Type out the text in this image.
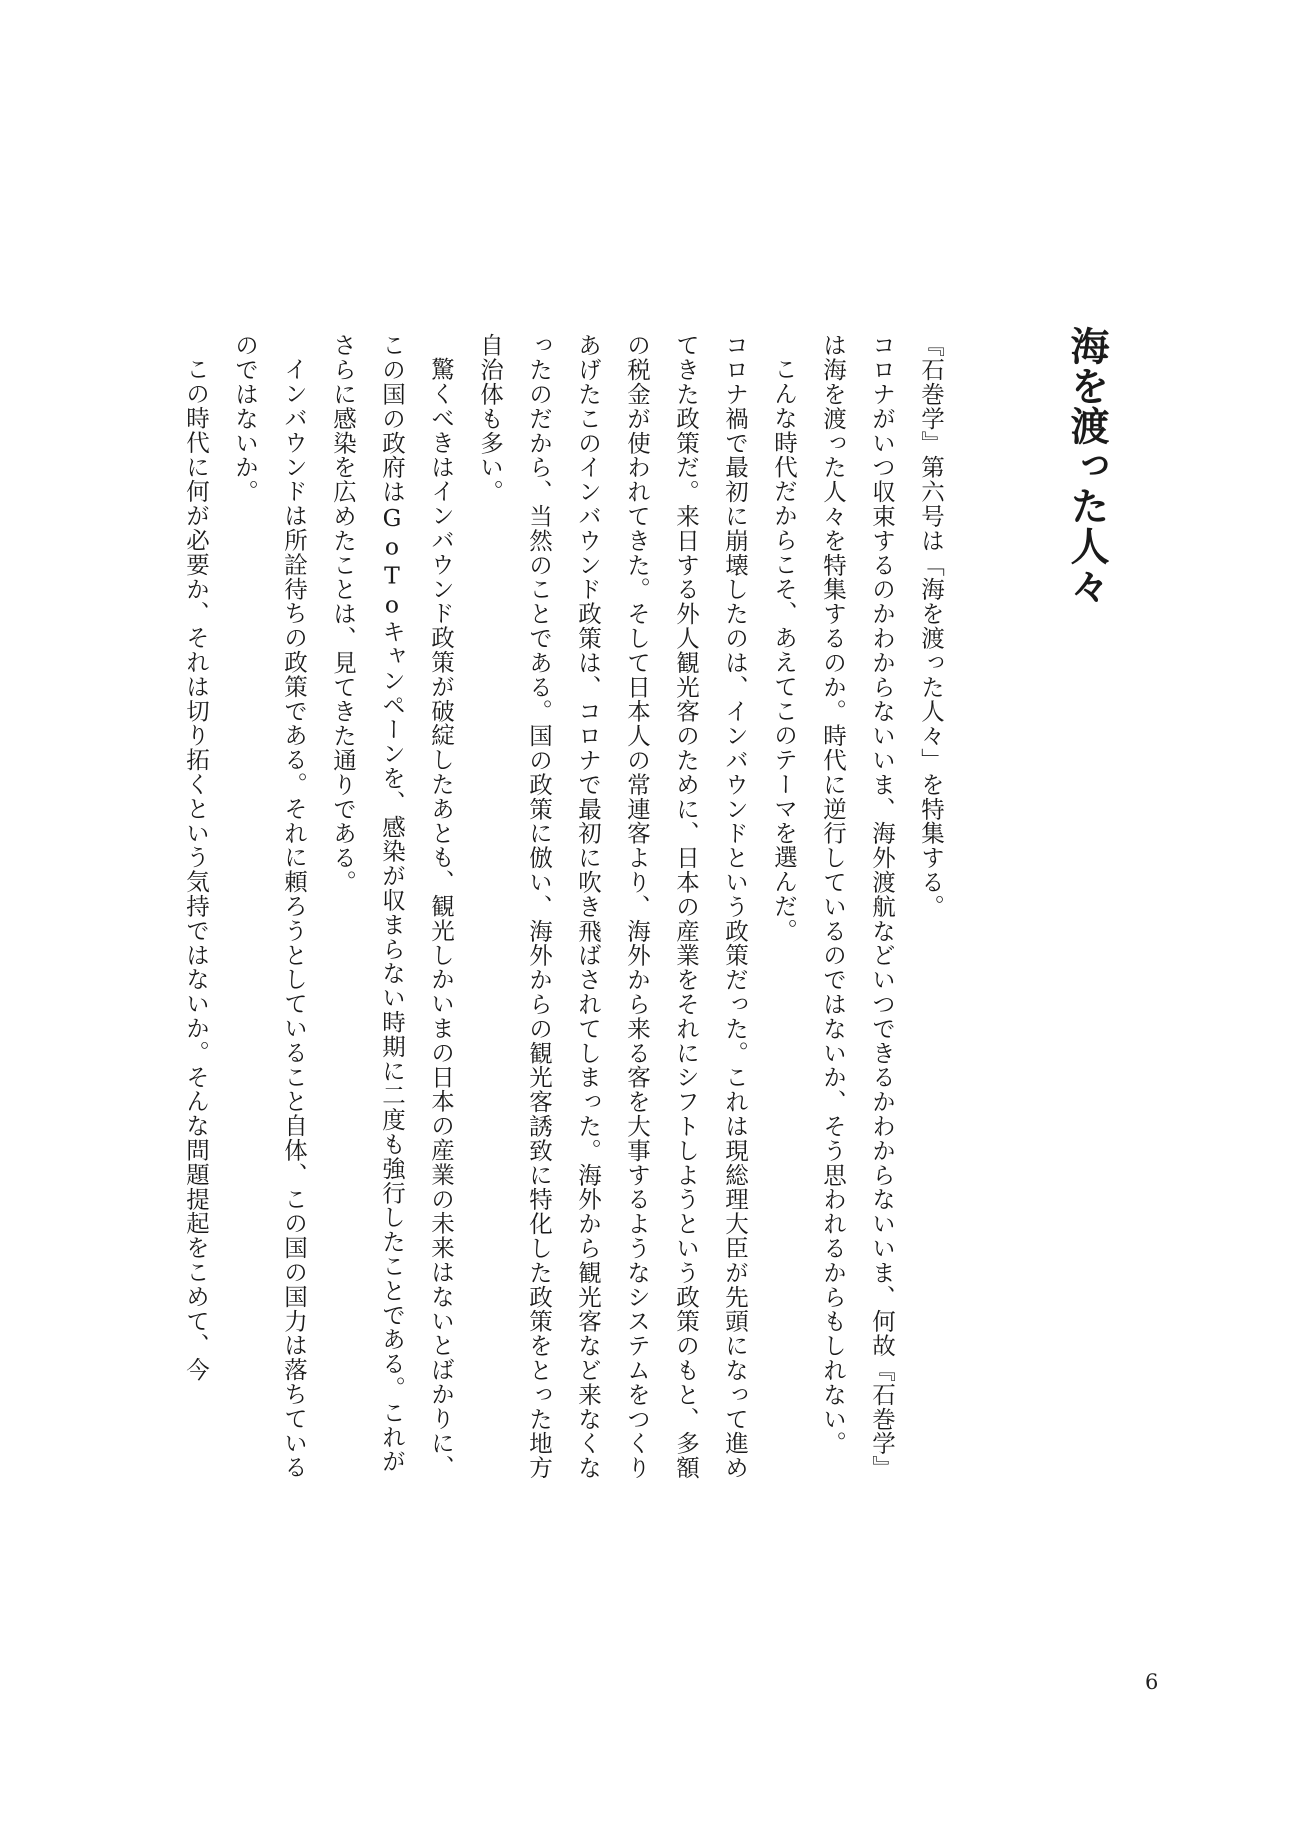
海を渡った人々

『石巻学』第六号は「海を渡った人々」を特集する。

コロナがいつ収束するのかわからないいま、海外渡航などいつできるかわからないいま、何故『石巻学』は海を渡った人々を特集するのか。時代に逆行しているのではないか、そう思われるからもしれない。

こんな時代だからこそ、あえてこのテーマを選んだ。

コロナ禍で最初に崩壊したのは、インバウンドという政策だった。これは現総理大臣が先頭になって進めてきた政策だ。来日する外人観光客のために、日本の産業をそれにシフトしようという政策のもと、多額の税金が使われてきた。そして日本人の常連客より、海外から来る客を大事するようなシステムをつくりあげたこのインバウンド政策は、コロナで最初に吹き飛ばされてしまった。海外から観光客など来なくなったのだから、当然のことである。国の政策に倣い、海外からの観光客誘致に特化した政策をとった地方自治体も多い。

驚くべきはインバウンド政策が破綻したあとも、観光しかいまの日本の産業の未来はないとばかりに、この国の政府はGoToキャンペーンを、感染が収まらない時期に二度も強行したことである。これがさらに感染を広めたことは、見てきた通りである。

インバウンドは所詮待ちの政策である。それに頼ろうとしていること自体、この国の国力は落ちているのではないか。

この時代に何が必要か、それは切り拓くという気持ではないか。そんな問題提起をこめて、今

6
